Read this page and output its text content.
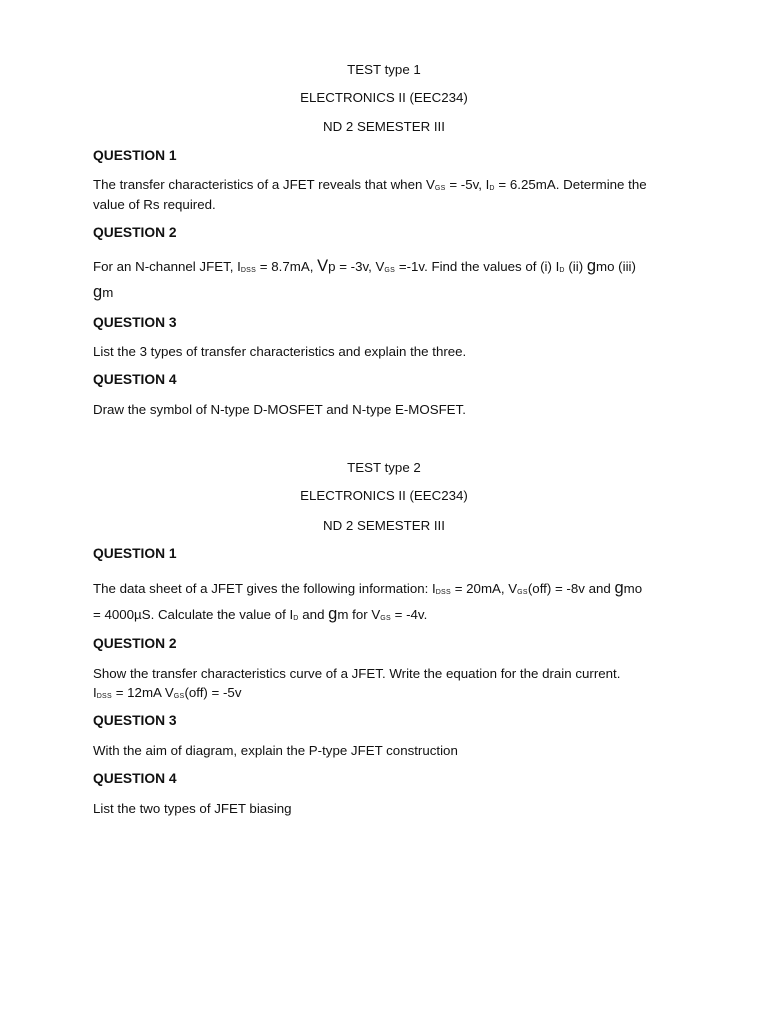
TEST type 1
ELECTRONICS II (EEC234)
ND 2 SEMESTER III
QUESTION 1
The transfer characteristics of a JFET reveals that when $V_{GS} = -5v$, $I_D = 6.25mA$. Determine the
value of Rs required.
QUESTION 2
For an N-channel JFET, $I_{DSS} = 8.7mA$, Vp = -3v, $V_{GS} =-1v$. Find the values of (i) $I_D$ (ii) gmo (iii)
gm
QUESTION 3
List the 3 types of transfer characteristics and explain the three.
QUESTION 4
Draw the symbol of N-type D-MOSFET and N-type E-MOSFET.
TEST type 2
ELECTRONICS II (EEC234)
ND 2 SEMESTER III
QUESTION 1
The data sheet of a JFET gives the following information: $I_{DSS} = 20mA$, $V_{GS}(off) = -8v$ and gmo
= 4000µS. Calculate the value of $I_D$ and gm for $V_{GS} = -4v$.
QUESTION 2
Show the transfer characteristics curve of a JFET. Write the equation for the drain current.
$I_{DSS} = 12mA$ $V_{GS}(off) = -5v$
QUESTION 3
With the aim of diagram, explain the P-type JFET construction
QUESTION 4
List the two types of JFET biasing
